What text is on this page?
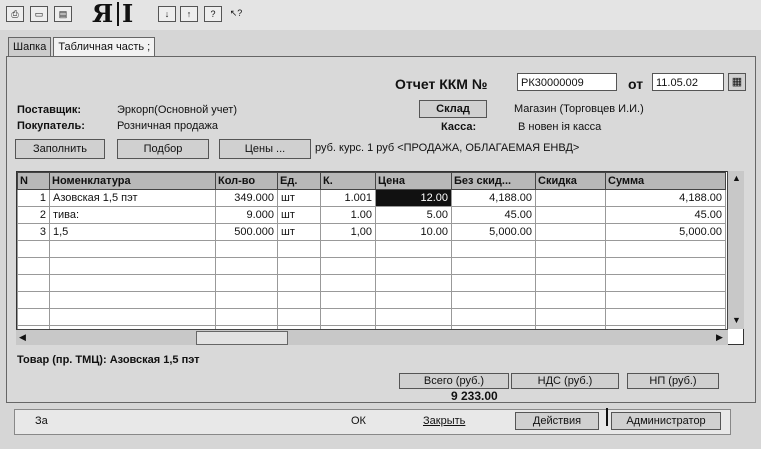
⎙	▭	▤ Я I	↓	↑	?	↖?
Шапка Табличная часть ;
Отчет ККМ №	РК30000009	от	11.05.02	▦
Поставщик:	Эркорп(Основной учет)
Покупатель:	Розничная продажа
Склад	Магазин (Торговцев И.И.)
Касса:	В новен ія касса
Заполнить	Подбор	Цены ...	руб. курс. 1 руб <ПРОДАЖА, ОБЛАГАЕМАЯ ЕНВД>
Товар (пр. ТМЦ): Азовская 1,5 пэт
Всего (руб.)	НДС (руб.)	НП (руб.)
9 233.00
N	Номенклатура	Кол-во	Ед.	К.	Цена	Без скид...	Скидка	Сумма
1	Азовская 1,5 пэт	349.000	шт	1.001	12.00	4,188.00		4,188.00
2	тива:	9.000	шт	1.00	5.00	45.00		45.00
3	1,5	500.000	шт	1,00	10.00	5,000.00		5,000.00

▲
▼
◀	▶
За	ОК	Закрыть	Действия	Администратор
